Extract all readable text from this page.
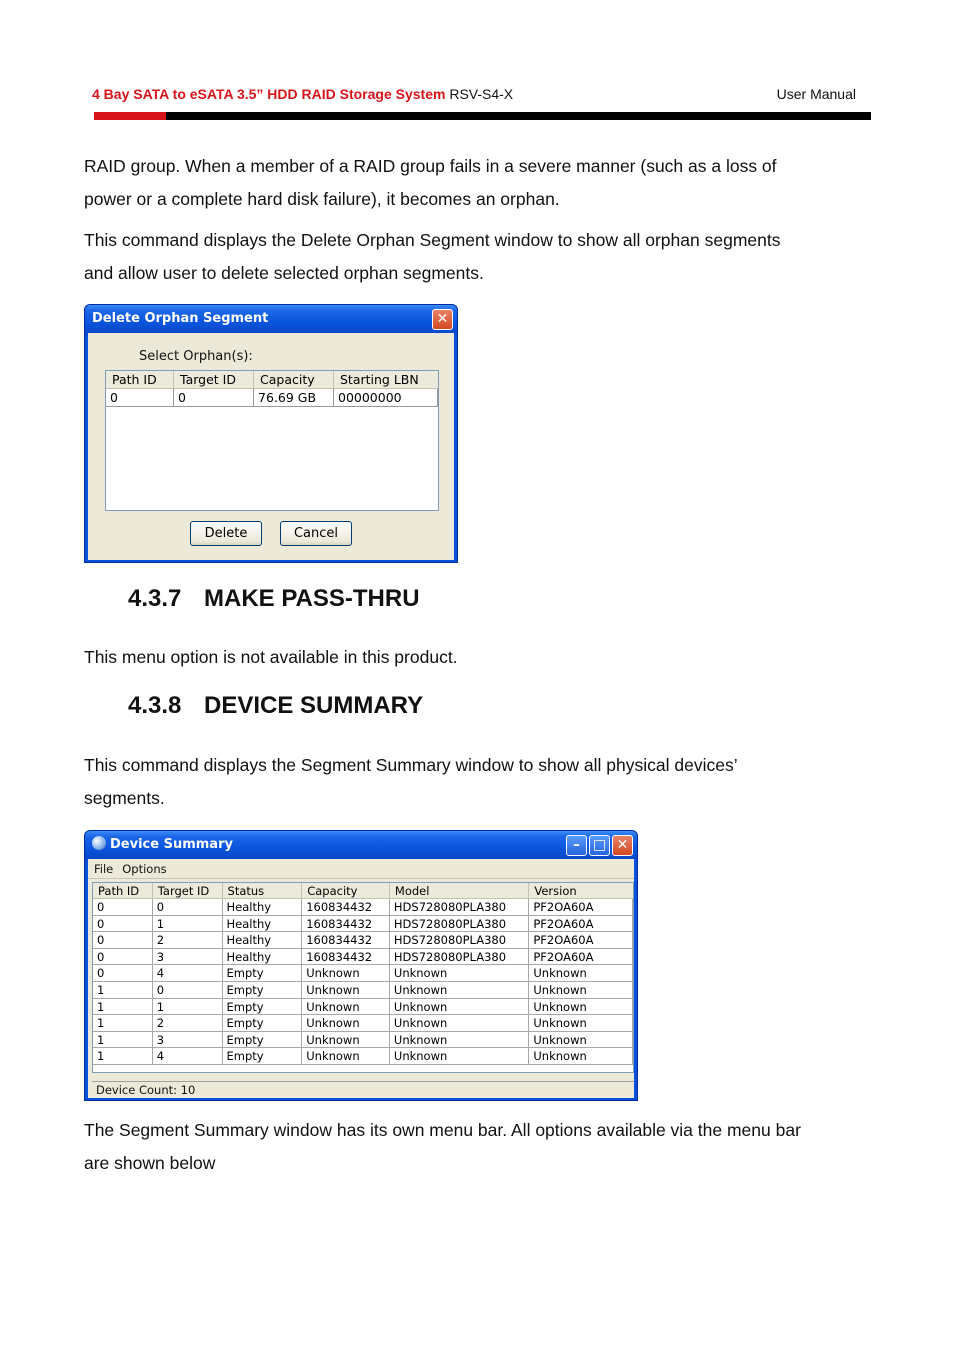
4 Bay SATA to eSATA 3.5” HDD RAID Storage System RSV-S4-X	User Manual
RAID group. When a member of a RAID group fails in a severe manner (such as a loss of
power or a complete hard disk failure), it becomes an orphan.
This command displays the Delete Orphan Segment window to show all orphan segments
and allow user to delete selected orphan segments.
Delete Orphan Segment	✕
Select Orphan(s):
Path ID	Target ID	Capacity	Starting LBN
0	0	76.69 GB	00000000
Delete	Cancel
4.3.7 MAKE PASS-THRU
This menu option is not available in this product.
4.3.8 DEVICE SUMMARY
This command displays the Segment Summary window to show all physical devices’
segments.
Device Summary	– □ ✕
File Options
Path ID	Target ID	Status	Capacity	Model	Version
0	0	Healthy	160834432	HDS728080PLA380	PF2OA60A
0	1	Healthy	160834432	HDS728080PLA380	PF2OA60A
0	2	Healthy	160834432	HDS728080PLA380	PF2OA60A
0	3	Healthy	160834432	HDS728080PLA380	PF2OA60A
0	4	Empty	Unknown	Unknown	Unknown
1	0	Empty	Unknown	Unknown	Unknown
1	1	Empty	Unknown	Unknown	Unknown
1	2	Empty	Unknown	Unknown	Unknown
1	3	Empty	Unknown	Unknown	Unknown
1	4	Empty	Unknown	Unknown	Unknown
Device Count: 10
The Segment Summary window has its own menu bar. All options available via the menu bar
are shown below
